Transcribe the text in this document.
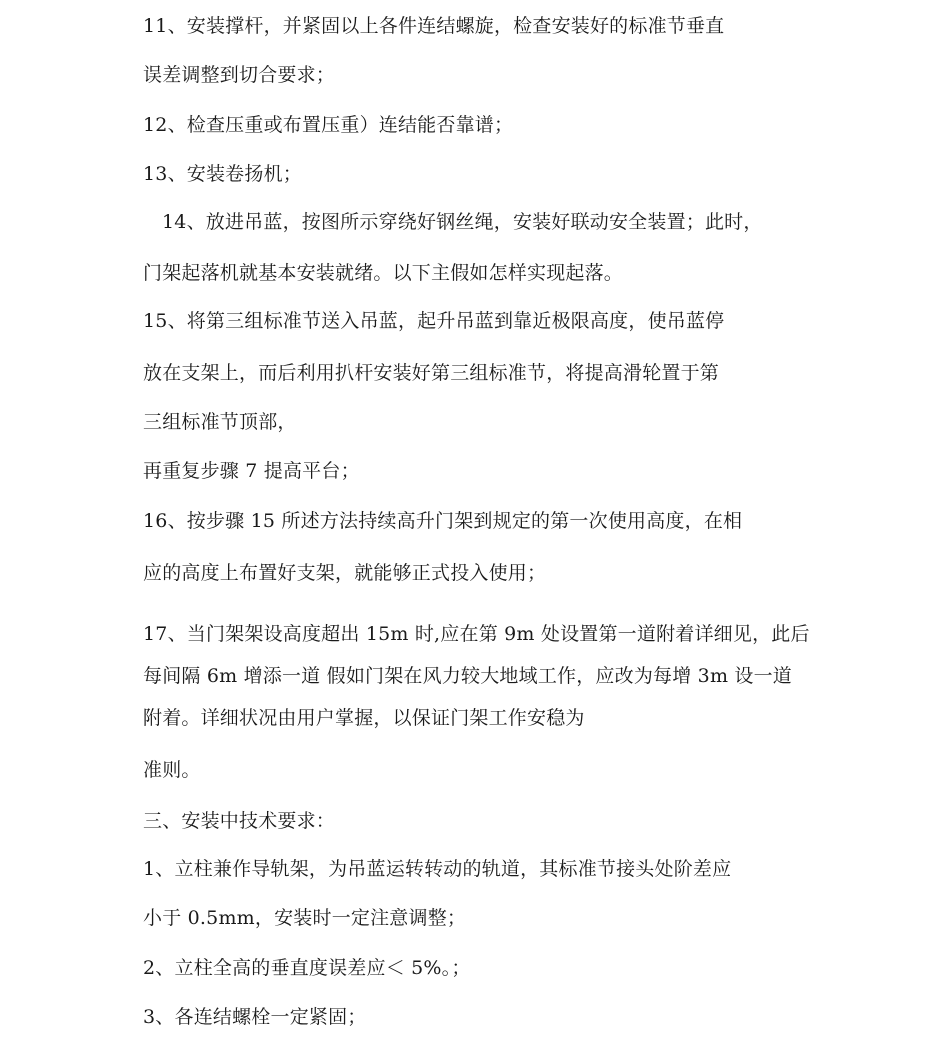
11、安装撑杆，并紧固以上各件连结螺旋，检查安装好的标准节垂直
误差调整到切合要求；
12、检查压重或布置压重）连结能否靠谱；
13、安装卷扬机；
14、放进吊蓝，按图所示穿绕好钢丝绳，安装好联动安全装置；此时，
门架起落机就基本安装就绪。以下主假如怎样实现起落。
15、将第三组标准节送入吊蓝，起升吊蓝到靠近极限高度，使吊蓝停
放在支架上，而后利用扒杆安装好第三组标准节，将提高滑轮置于第
三组标准节顶部，
再重复步骤 7 提高平台；
16、按步骤 15 所述方法持续高升门架到规定的第一次使用高度，在相
应的高度上布置好支架，就能够正式投入使用；
17、当门架架设高度超出 15m 时,应在第 9m 处设置第一道附着详细见，此后
每间隔 6m 增添一道 假如门架在风力较大地域工作，应改为每增 3m 设一道
附着。详细状况由用户掌握，以保证门架工作安稳为
准则。
三、安装中技术要求：
1、立柱兼作导轨架，为吊蓝运转转动的轨道，其标准节接头处阶差应
小于 0.5mm，安装时一定注意调整；
2、立柱全高的垂直度误差应＜ 5%。；
3、各连结螺栓一定紧固；
